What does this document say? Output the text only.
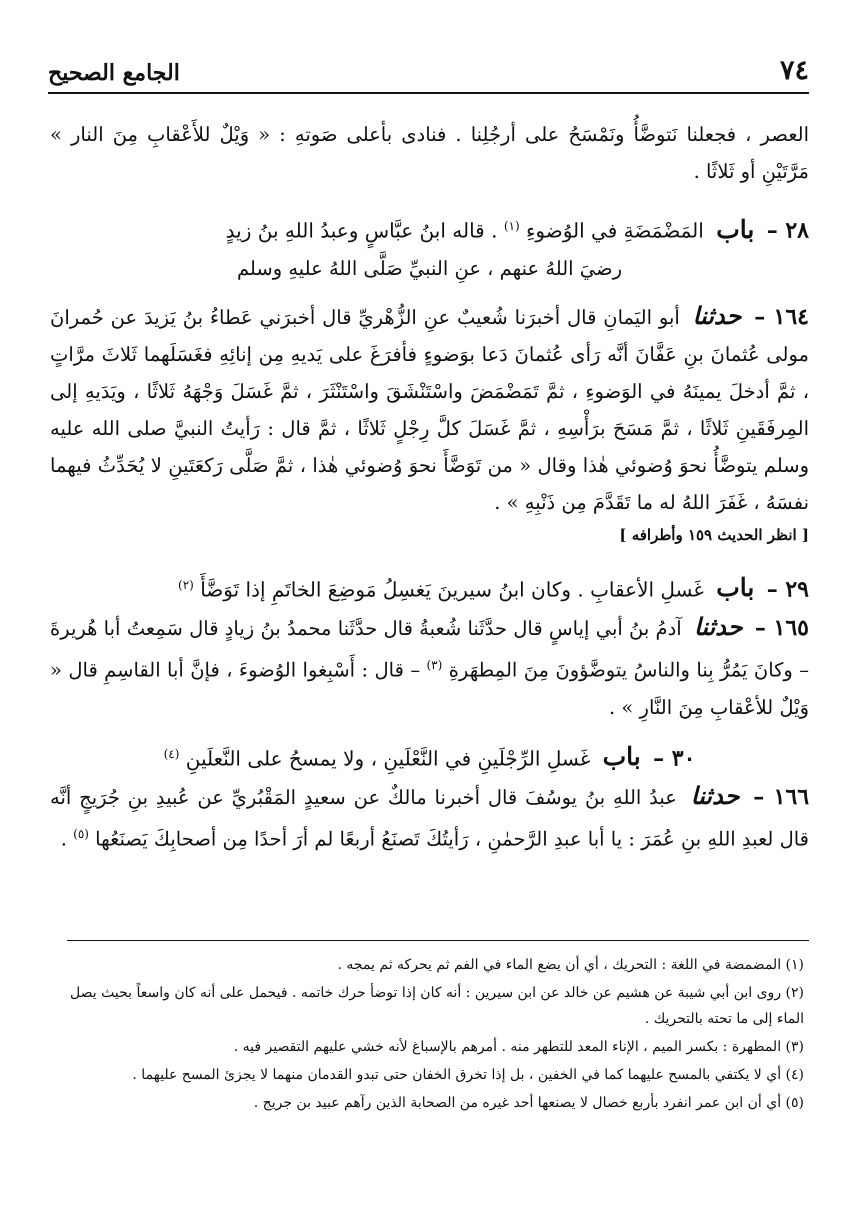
٧٤
الجامع الصحيح

العصر ، فجعلنا نَتوضَّأُ ونَمْسَحُ على أرجُلِنا . فنادى بأعلى صَوتهِ : « وَيْلٌ للأَعْقابِ مِنَ النار » مَرَّتَيْنِ أو ثَلاثًا .

٢٨ – باب المَضْمَضَةِ في الوُضوءِ $^{(١)}$ . قاله ابنُ عبَّاسٍ وعبدُ اللهِ بنُ زيدٍ

رضيَ اللهُ عنهم ، عنِ النبيِّ صَلَّى اللهُ عليهِ وسلم

١٦٤ – حدثنا أبو اليَمانِ قال أخبرَنا شُعيبٌ عنِ الزُّهْريِّ قال أخبرَني عَطاءُ بنُ يَزيدَ عن حُمرانَ مولى عُثمانَ بنِ عَفَّانَ أنَّه رَأى عُثمانَ دَعا بوَضوءٍ فأفرَغَ على يَديهِ مِن إنائِهِ فغَسَلَهما ثَلاثَ مرَّاتٍ ، ثمَّ أدخلَ يمينَهُ في الوَضوءِ ، ثمَّ تَمَضْمَضَ واسْتَنْشَقَ واسْتَنْثَرَ ، ثمَّ غَسَلَ وَجْهَهُ ثَلاثًا ، ويَدَيهِ إلى المِرفَقَينِ ثَلاثًا ، ثمَّ مَسَحَ برَأْسِهِ ، ثمَّ غَسَلَ كلَّ رِجْلٍ ثَلاثًا ، ثمَّ قال : رَأيتُ النبيَّ صلى الله عليه وسلم يتوضَّأُ نحوَ وُضوئي هٰذا وقال « من تَوَضَّأَ نحوَ وُضوئي هٰذا ، ثمَّ صَلَّى رَكعَتَينِ لا يُحَدِّثُ فيهما نفسَهُ ، غَفَرَ اللهُ له ما تَقَدَّمَ مِن ذَنْبِهِ » .

[ انظر الحديث ١٥٩ وأطرافه ]

٢٩ – باب غَسلِ الأعقابِ . وكان ابنُ سيرينَ يَغسِلُ مَوضِعَ الخاتَمِ إذا تَوَضَّأَ $^{(٢)}$

١٦٥ – حدثنا آدمُ بنُ أبي إياسٍ قال حدَّثَنا شُعبةُ قال حدَّثَنا محمدُ بنُ زيادٍ قال سَمِعتُ أبا هُريرةَ – وكانَ يَمُرُّ بِنا والناسُ يتوضَّؤونَ مِنَ المِطهَرةِ $^{(٣)}$ – قال : أَسْبِغوا الوُضوءَ ، فإنَّ أبا القاسِمِ قال « وَيْلٌ للأعْقابِ مِنَ النَّارِ » .

٣٠ – باب غَسلِ الرِّجْلَينِ في النَّعْلَينِ ، ولا يمسحُ على النَّعلَينِ $^{(٤)}$

١٦٦ – حدثنا عبدُ اللهِ بنُ يوسُفَ قال أخبرنا مالكٌ عن سعيدٍ المَقْبُريِّ عن عُبيدِ بنِ جُرَيجٍ أنَّه قال لعبدِ اللهِ بنِ عُمَرَ : يا أبا عبدِ الرَّحمٰنِ ، رَأيتُكَ تَصنَعُ أربعًا لم أرَ أحدًا مِن أصحابِكَ يَصنَعُها $^{(٥)}$ .

(١) المضمضة في اللغة : التحريك ، أي أن يضع الماء في الفم ثم يحركه ثم يمجه .

(٢) روى ابن أبي شيبة عن هشيم عن خالد عن ابن سيرين : أنه كان إذا توضأ حرك خاتمه . فيحمل على أنه كان واسعاً بحيث يصل الماء إلى ما تحته بالتحريك .

(٣) المطهرة : بكسر الميم ، الإناء المعد للتطهر منه . أمرهم بالإسباغ لأنه خشي عليهم التقصير فيه .

(٤) أي لا يكتفي بالمسح عليهما كما في الخفين ، بل إذا تخرق الخفان حتى تبدو القدمان منهما لا يجزئ المسح عليهما .

(٥) أي أن ابن عمر انفرد بأربع خصال لا يصنعها أحد غيره من الصحابة الذين رآهم عبيد بن جريج .
